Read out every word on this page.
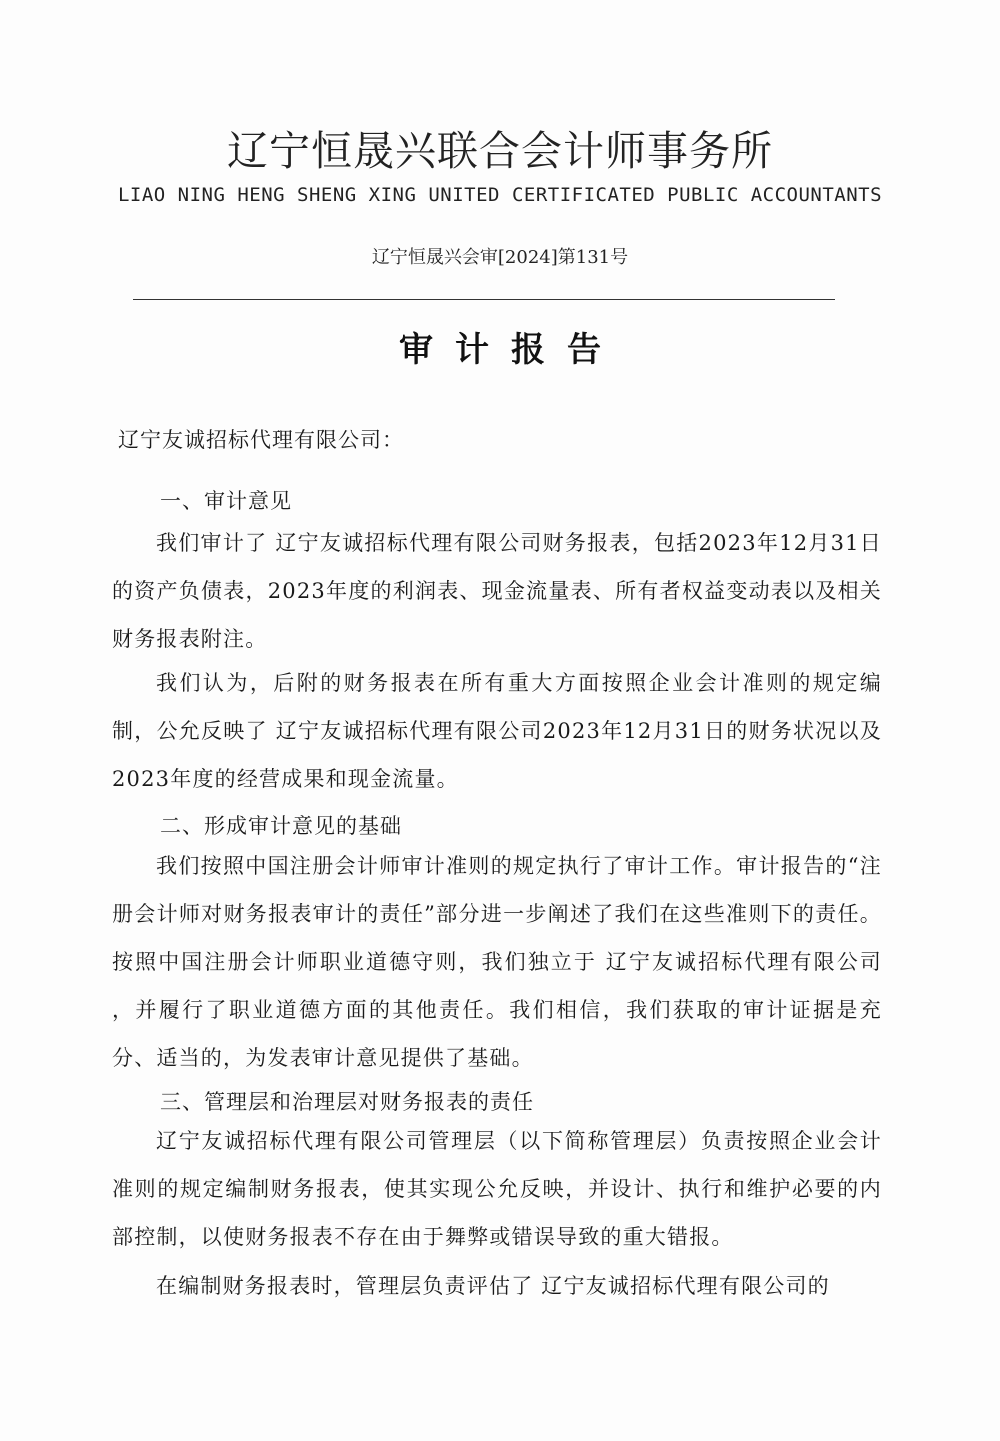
辽宁恒晟兴联合会计师事务所
LIAO NING HENG SHENG XING UNITED CERTIFICATED PUBLIC ACCOUNTANTS
辽宁恒晟兴会审[2024]第131号
审计报告
辽宁友诚招标代理有限公司：
一、审计意见
我们审计了 辽宁友诚招标代理有限公司财务报表，包括2023年12月31日的资产负债表，2023年度的利润表、现金流量表、所有者权益变动表以及相关财务报表附注。
我们认为，后附的财务报表在所有重大方面按照企业会计准则的规定编制，公允反映了 辽宁友诚招标代理有限公司2023年12月31日的财务状况以及 2023年度的经营成果和现金流量。
二、形成审计意见的基础
我们按照中国注册会计师审计准则的规定执行了审计工作。审计报告的“注册会计师对财务报表审计的责任”部分进一步阐述了我们在这些准则下的责任。按照中国注册会计师职业道德守则，我们独立于 辽宁友诚招标代理有限公司 ，并履行了职业道德方面的其他责任。我们相信，我们获取的审计证据是充分、适当的，为发表审计意见提供了基础。
三、管理层和治理层对财务报表的责任
辽宁友诚招标代理有限公司管理层（以下简称管理层）负责按照企业会计准则的规定编制财务报表，使其实现公允反映，并设计、执行和维护必要的内部控制，以使财务报表不存在由于舞弊或错误导致的重大错报。
在编制财务报表时，管理层负责评估了 辽宁友诚招标代理有限公司的
